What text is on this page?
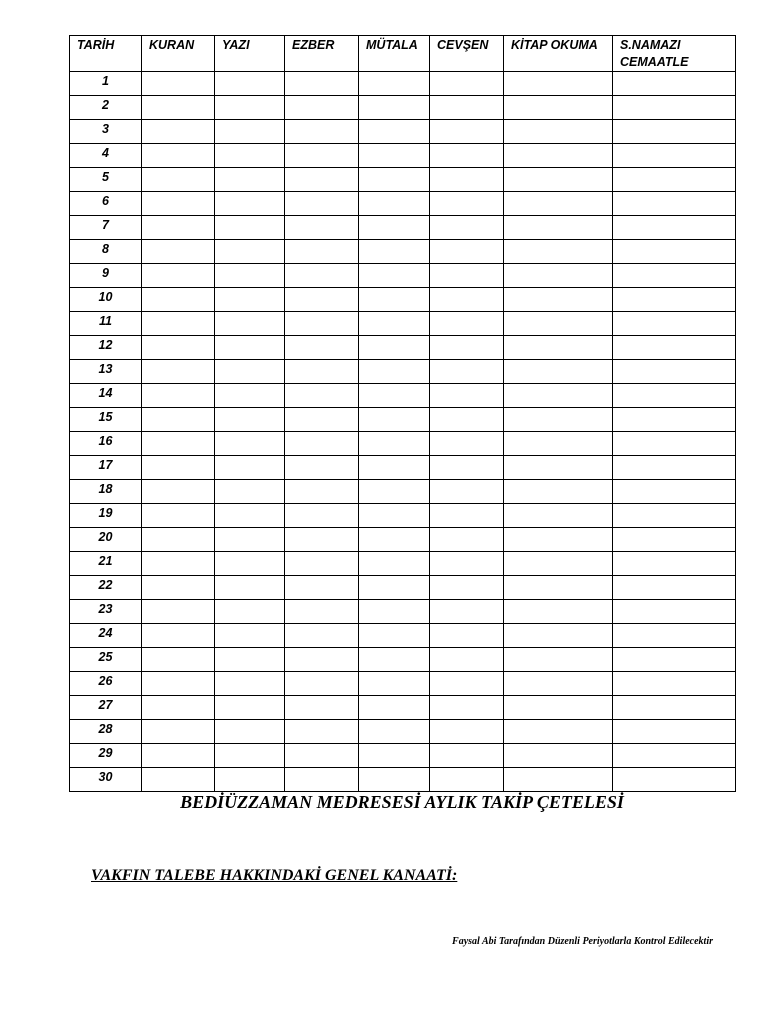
TARİH	KURAN	YAZI	EZBER	MÜTALA	CEVŞEN	KİTAP OKUMA	S.NAMAZI CEMAATLE
1							
2							
3							
4							
5							
6							
7							
8							
9							
10							
11							
12							
13							
14							
15							
16							
17							
18							
19							
20							
21							
22							
23							
24							
25							
26							
27							
28							
29							
30							
BEDİÜZZAMAN MEDRESESİ AYLIK TAKİP ÇETELESİ
VAKFIN TALEBE HAKKINDAKİ GENEL KANAATİ:
Faysal Abi Tarafından Düzenli Periyotlarla Kontrol Edilecektir
